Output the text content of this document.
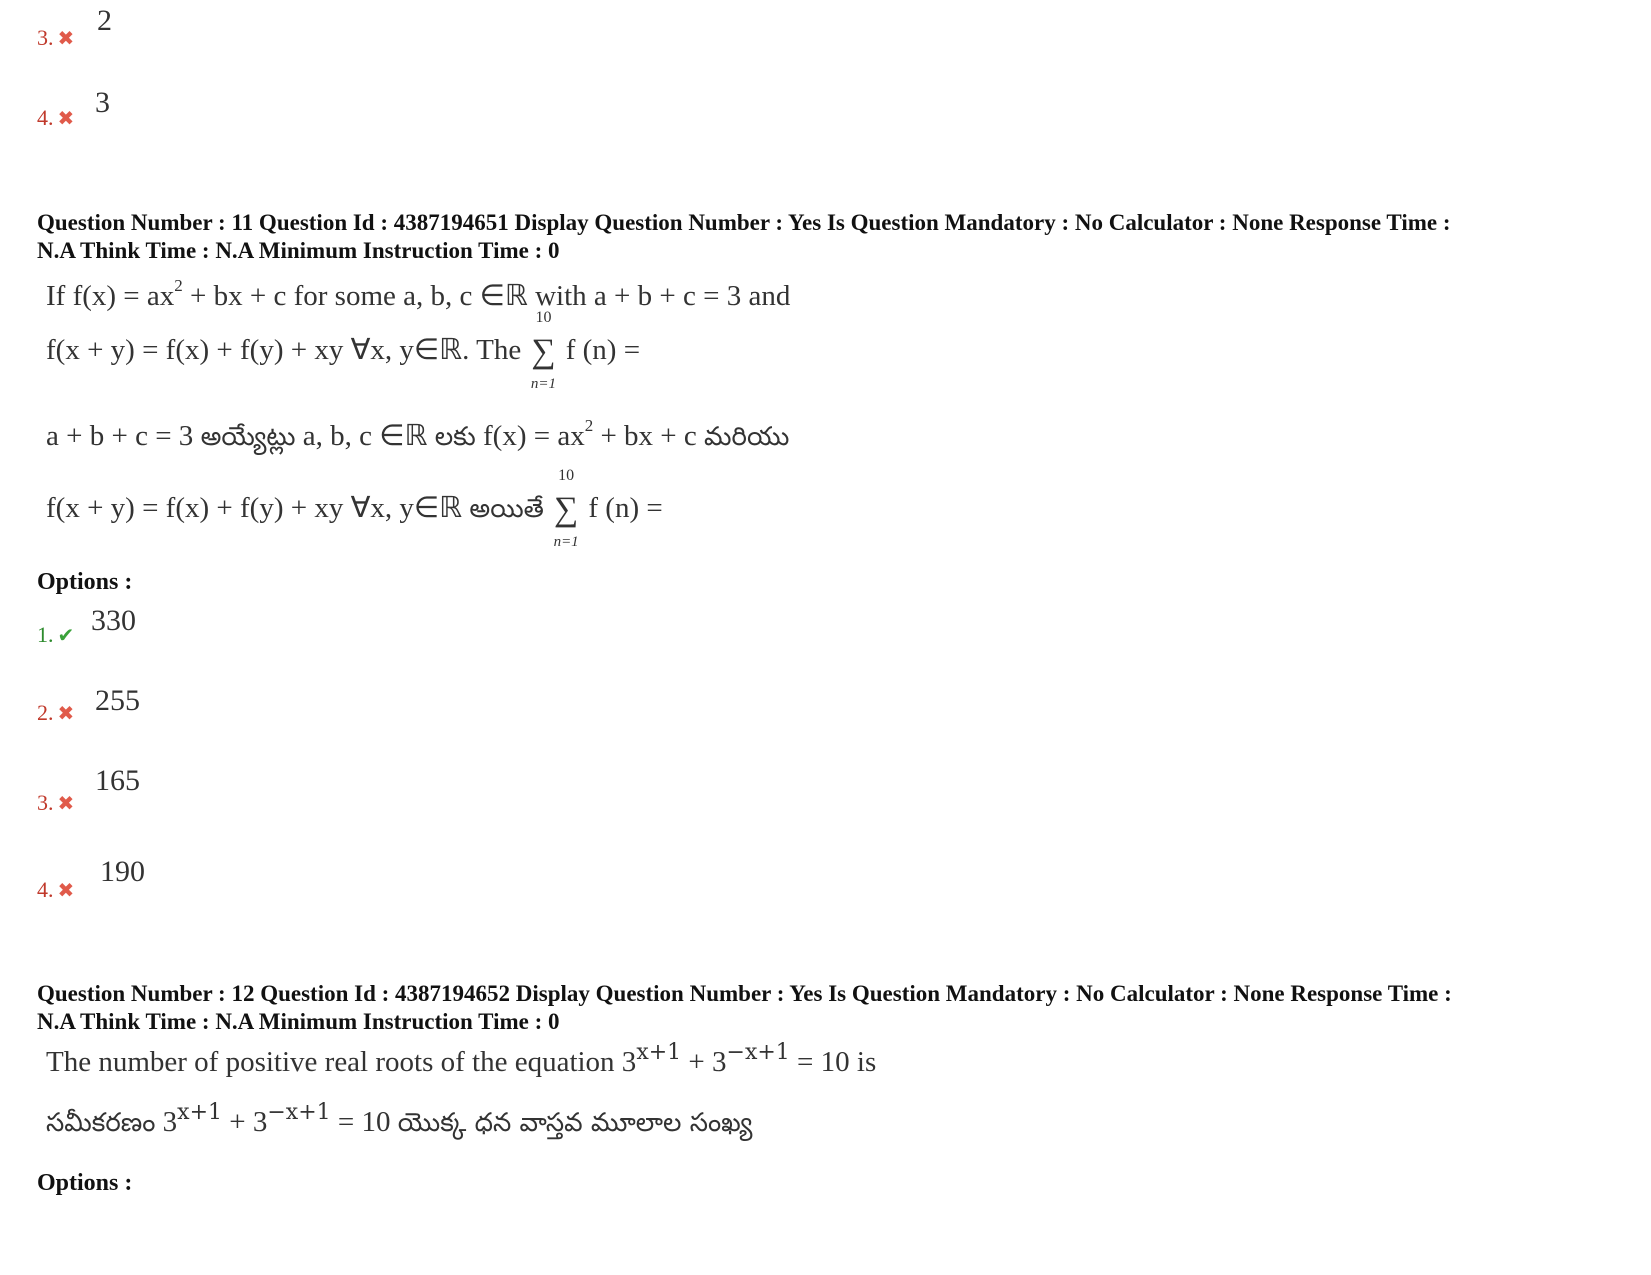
3. ✖
2
4. ✖ 3
Question Number : 11 Question Id : 4387194651 Display Question Number : Yes Is Question Mandatory : No Calculator : None Response Time :
N.A Think Time : N.A Minimum Instruction Time : 0
If $f(x) = ax^2$ + bx + c for some a, b, c ∈ℝ with a + b + c = 3 and
f(x + y) = f(x) + f(y) + xy ∀x, y∈ℝ. The
10
∑
n=1
f (n) =
a + b + c = 3 అయ్యేట్లు a, b, c ∈ℝ లకు $f(x) = ax^2$ + bx + c మరియు
f(x + y) = f(x) + f(y) + xy ∀x, y∈ℝ అయితే
10
∑
n=1
f (n) =
Options :
1. ✔ 330
2. ✖ 255
3. ✖
165
4. ✖
190
Question Number : 12 Question Id : 4387194652 Display Question Number : Yes Is Question Mandatory : No Calculator : None Response Time :
N.A Think Time : N.A Minimum Instruction Time : 0
The number of positive real roots of the equation $3^{x+1} + 3^{-x+1} = 10$ is
సమీకరణం $3^{x+1} + 3^{-x+1} = 10$ యొక్క ధన వాస్తవ మూలాల సంఖ్య
Options :
